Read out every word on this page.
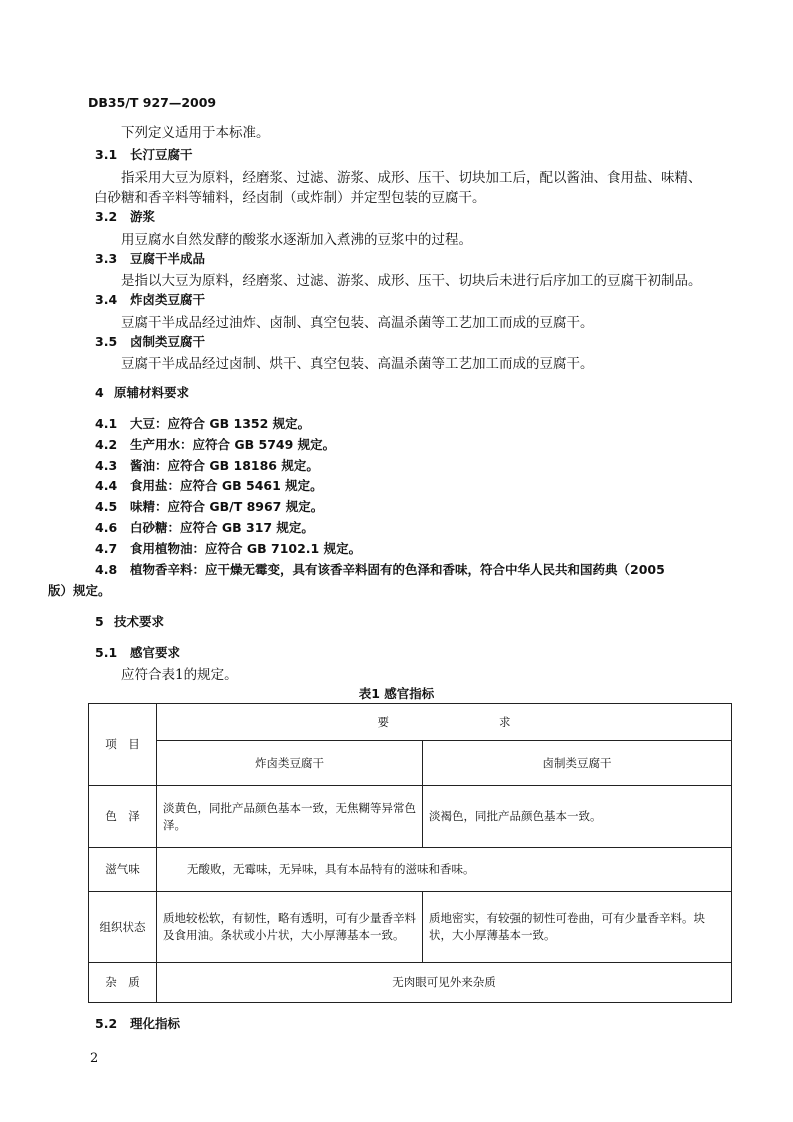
DB35/T 927—2009
下列定义适用于本标准。
3.1 长汀豆腐干
指采用大豆为原料，经磨浆、过滤、游浆、成形、压干、切块加工后，配以酱油、食用盐、味精、
白砂糖和香辛料等辅料，经卤制（或炸制）并定型包装的豆腐干。
3.2 游浆
用豆腐水自然发酵的酸浆水逐渐加入煮沸的豆浆中的过程。
3.3 豆腐干半成品
是指以大豆为原料，经磨浆、过滤、游浆、成形、压干、切块后未进行后序加工的豆腐干初制品。
3.4 炸卤类豆腐干
豆腐干半成品经过油炸、卤制、真空包装、高温杀菌等工艺加工而成的豆腐干。
3.5 卤制类豆腐干
豆腐干半成品经过卤制、烘干、真空包装、高温杀菌等工艺加工而成的豆腐干。
4 原辅材料要求
4.1 大豆：应符合 GB 1352 规定。
4.2 生产用水：应符合 GB 5749 规定。
4.3 酱油：应符合 GB 18186 规定。
4.4 食用盐：应符合 GB 5461 规定。
4.5 味精：应符合 GB/T 8967 规定。
4.6 白砂糖：应符合 GB 317 规定。
4.7 食用植物油：应符合 GB 7102.1 规定。
4.8 植物香辛料：应干燥无霉变，具有该香辛料固有的色泽和香味，符合中华人民共和国药典（2005
版）规定。
5 技术要求
5.1 感官要求
应符合表1的规定。
表1 感官指标
项　目	要 求	
	炸卤类豆腐干	卤制类豆腐干
色　泽	淡黄色，同批产品颜色基本一致，无焦糊等异常色泽。	淡褐色，同批产品颜色基本一致。
滋气味	无酸败，无霉味，无异味，具有本品特有的滋味和香味。	
组织状态	质地较松软，有韧性，略有透明，可有少量香辛料及食用油。条状或小片状，大小厚薄基本一致。	质地密实，有较强的韧性可卷曲，可有少量香辛料。块状，大小厚薄基本一致。
杂　质	无肉眼可见外来杂质	
5.2 理化指标
2
